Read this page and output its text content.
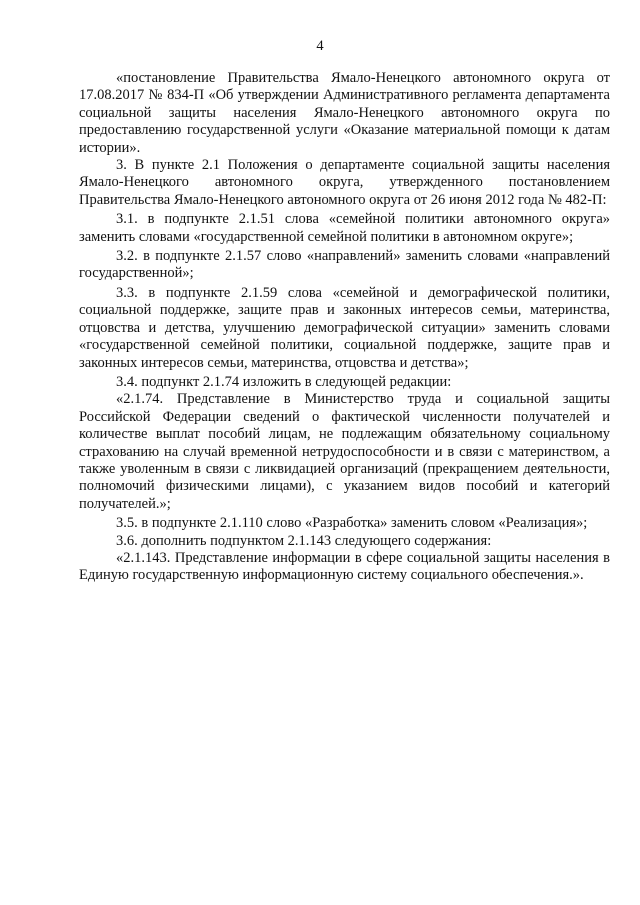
4

«постановление Правительства Ямало-Ненецкого автономного округа от 17.08.2017 № 834-П «Об утверждении Административного регламента департамента социальной защиты населения Ямало-Ненецкого автономного округа по предоставлению государственной услуги «Оказание материальной помощи к датам истории».

3. В пункте 2.1 Положения о департаменте социальной защиты населения Ямало-Ненецкого автономного округа, утвержденного постановлением Правительства Ямало-Ненецкого автономного округа от 26 июня 2012 года № 482-П:

3.1. в подпункте 2.1.51 слова «семейной политики автономного округа» заменить словами «государственной семейной политики в автономном округе»;

3.2. в подпункте 2.1.57 слово «направлений» заменить словами «направлений государственной»;

3.3. в подпункте 2.1.59 слова «семейной и демографической политики, социальной поддержке, защите прав и законных интересов семьи, материнства, отцовства и детства, улучшению демографической ситуации» заменить словами «государственной семейной политики, социальной поддержке, защите прав и законных интересов семьи, материнства, отцовства и детства»;

3.4. подпункт 2.1.74 изложить в следующей редакции:

«2.1.74. Представление в Министерство труда и социальной защиты Российской Федерации сведений о фактической численности получателей и количестве выплат пособий лицам, не подлежащим обязательному социальному страхованию на случай временной нетрудоспособности и в связи с материнством, а также уволенным в связи с ликвидацией организаций (прекращением деятельности, полномочий физическими лицами), с указанием видов пособий и категорий получателей.»;

3.5. в подпункте 2.1.110 слово «Разработка» заменить словом «Реализация»;

3.6. дополнить подпунктом 2.1.143 следующего содержания:

«2.1.143. Представление информации в сфере социальной защиты населения в Единую государственную информационную систему социального обеспечения.».
